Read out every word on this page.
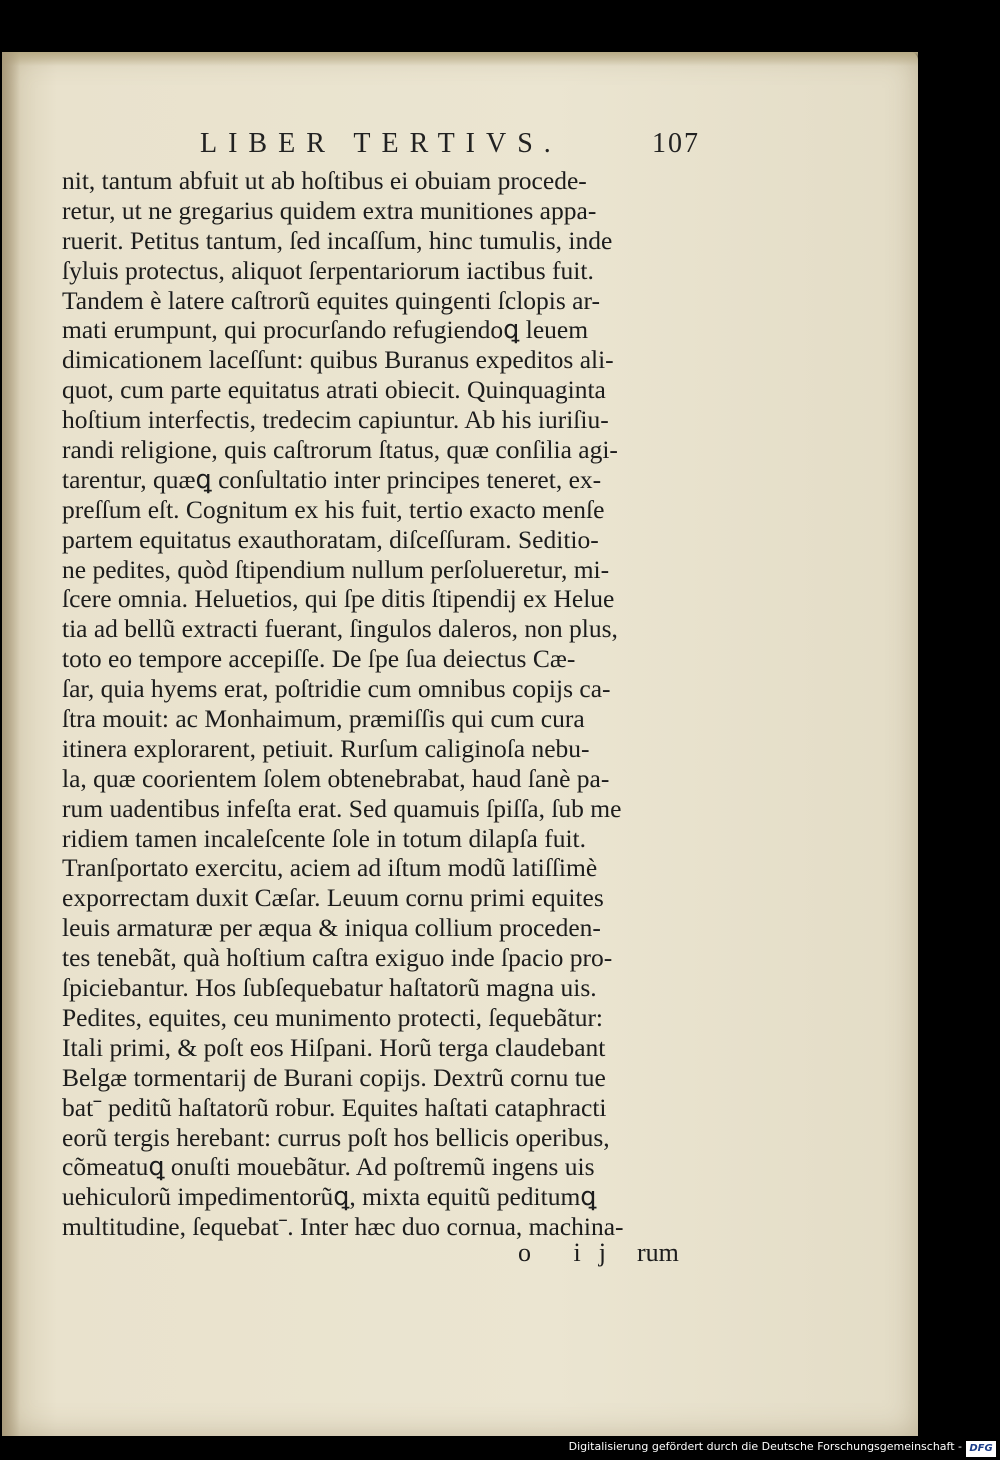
LIBER TERTIVS.	107
nit, tantum abfuit ut ab hoſtibus ei obuiam procede-
retur, ut ne gregarius quidem extra munitiones appa-
ruerit. Petitus tantum, ſed incaſſum, hinc tumulis, inde
ſyluis protectus, aliquot ſerpentariorum iactibus fuit.
Tandem è latere caſtrorũ equites quingenti ſclopis ar-
mati erumpunt, qui procurſando refugiendoꝗ leuem
dimicationem laceſſunt: quibus Buranus expeditos ali-
quot, cum parte equitatus atrati obiecit. Quinquaginta
hoſtium interfectis, tredecim capiuntur. Ab his iuriſiu-
randi religione, quis caſtrorum ſtatus, quæ conſilia agi-
tarentur, quæꝗ conſultatio inter principes teneret, ex-
preſſum eſt. Cognitum ex his fuit, tertio exacto menſe
partem equitatus exauthoratam, diſceſſuram. Seditio-
ne pedites, quòd ſtipendium nullum perſolueretur, mi-
ſcere omnia. Heluetios, qui ſpe ditis ſtipendij ex Helue
tia ad bellũ extracti fuerant, ſingulos daleros, non plus,
toto eo tempore accepiſſe. De ſpe ſua deiectus Cæ-
ſar, quia hyems erat, poſtridie cum omnibus copijs ca-
ſtra mouit: ac Monhaimum, præmiſſis qui cum cura
itinera explorarent, petiuit. Rurſum caliginoſa nebu-
la, quæ coorientem ſolem obtenebrabat, haud ſanè pa-
rum uadentibus infeſta erat. Sed quamuis ſpiſſa, ſub me
ridiem tamen incaleſcente ſole in totum dilapſa fuit.
Tranſportato exercitu, aciem ad iſtum modũ latiſſimè
exporrectam duxit Cæſar. Leuum cornu primi equites
leuis armaturæ per æqua & iniqua collium proceden-
tes tenebãt, quà hoſtium caſtra exiguo inde ſpacio pro-
ſpiciebantur. Hos ſubſequebatur haſtatorũ magna uis.
Pedites, equites, ceu munimento protecti, ſequebãtur:
Itali primi, & poſt eos Hiſpani. Horũ terga claudebant
Belgæ tormentarij de Burani copijs. Dextrũ cornu tue
batˉ peditũ haſtatorũ robur. Equites haſtati cataphracti
eorũ tergis herebant: currus poſt hos bellicis operibus,
cõmeatuꝗ onuſti mouebãtur. Ad poſtremũ ingens uis
uehiculorũ impedimentorũꝗ, mixta equitũ peditumꝗ
multitudine, ſequebatˉ. Inter hæc duo cornua, machina-
o ij rum
Digitalisierung gefördert durch die Deutsche Forschungsgemeinschaft - DFG
